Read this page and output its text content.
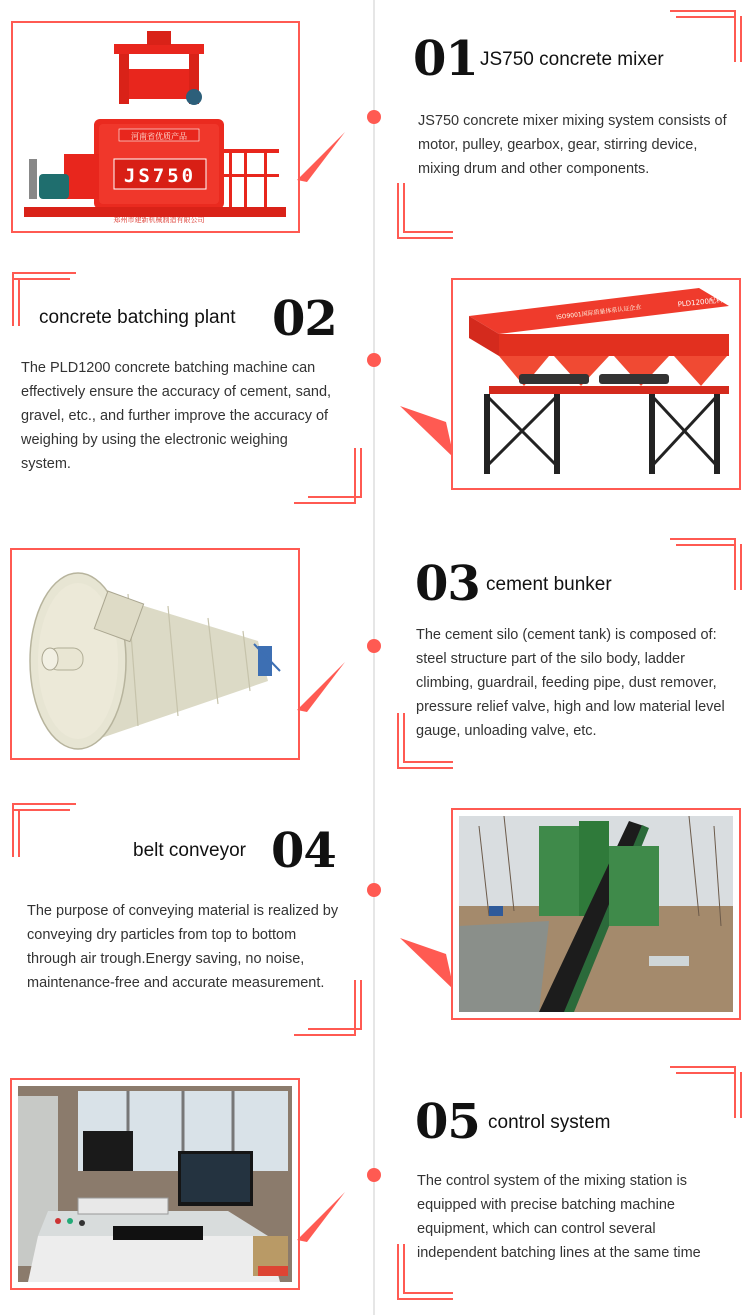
河南省优质产品
JS750
郑州市建新机械制造有限公司
01 JS750 concrete mixer

JS750 concrete mixer mixing system consists of motor, pulley, gearbox, gear, stirring device, mixing drum and other components.

concrete batching plant 02

The PLD1200 concrete batching machine can effectively ensure the accuracy of cement, sand, gravel, etc., and further improve the accuracy of weighing by using the electronic weighing system.

PLD1200配料机
ISO9001国际质量体系认证企业
03 cement bunker

The cement silo (cement tank) is composed of: steel structure part of the silo body, ladder climbing, guardrail, feeding pipe, dust remover, pressure relief valve, high and low material level gauge, unloading valve, etc.

belt conveyor 04

The purpose of conveying material is realized by conveying dry particles from top to bottom through air trough.Energy saving, no noise, maintenance-free and accurate measurement.

05 control system

The control system of the mixing station is equipped with precise batching machine equipment, which can control several independent batching lines at the same time
